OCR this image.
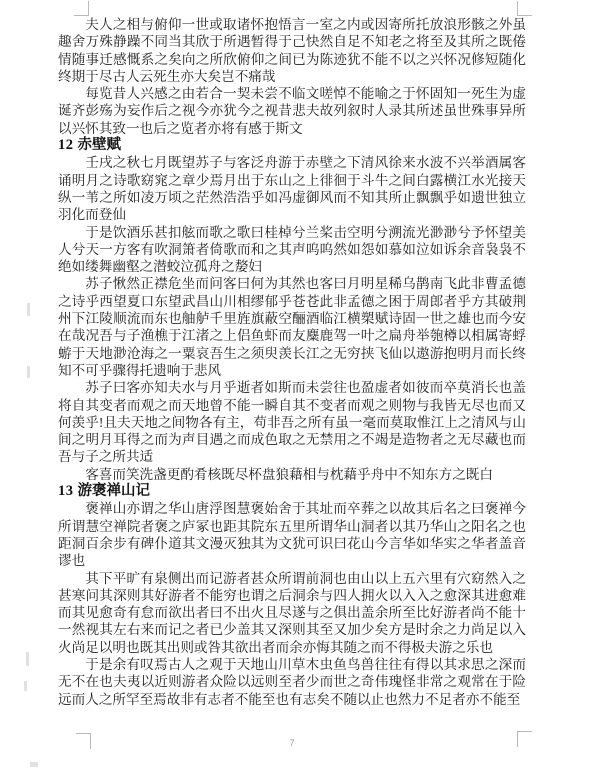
夫人之相与俯仰一世或取诸怀抱悟言一室之内或因寄所托放浪形骸之外虽趣舍万殊静躁不同当其欣于所遇暂得于己快然自足不知老之将至及其所之既倦情随事迁感慨系之矣向之所欣俯仰之间已为陈迹犹不能不以之兴怀况修短随化终期于尽古人云死生亦大矣岂不痛哉

每览昔人兴感之由若合一契未尝不临文嗟悼不能喻之于怀固知一死生为虚诞齐彭殇为妄作后之视今亦犹今之视昔悲夫故列叙时人录其所述虽世殊事异所以兴怀其致一也后之览者亦将有感于斯文

12 赤壁赋

壬戌之秋七月既望苏子与客泛舟游于赤壁之下清风徐来水波不兴举酒属客诵明月之诗歌窈窕之章少焉月出于东山之上徘徊于斗牛之间白露横江水光接天纵一苇之所如凌万顷之茫然浩浩乎如冯虚御风而不知其所止飘飘乎如遗世独立羽化而登仙

于是饮酒乐甚扣舷而歌之歌曰桂棹兮兰桨击空明兮溯流光渺渺兮予怀望美人兮天一方客有吹洞箫者倚歌而和之其声呜呜然如怨如慕如泣如诉余音袅袅不绝如缕舞幽壑之潜蛟泣孤舟之嫠妇

苏子愀然正襟危坐而问客曰何为其然也客曰月明星稀乌鹊南飞此非曹孟德之诗乎西望夏口东望武昌山川相缪郁乎苍苍此非孟德之困于周郎者乎方其破荆州下江陵顺流而东也舳舻千里旌旗蔽空酾酒临江横槊赋诗固一世之雄也而今安在哉况吾与子渔樵于江渚之上侣鱼虾而友麋鹿驾一叶之扁舟举匏樽以相属寄蜉蝣于天地渺沧海之一粟哀吾生之须臾羡长江之无穷挟飞仙以遨游抱明月而长终知不可乎骤得托遗响于悲风

苏子曰客亦知夫水与月乎逝者如斯而未尝往也盈虚者如彼而卒莫消长也盖将自其变者而观之而天地曾不能一瞬自其不变者而观之则物与我皆无尽也而又何羡乎!且夫天地之间物各有主，苟非吾之所有虽一毫而莫取惟江上之清风与山间之明月耳得之而为声目遇之而成色取之无禁用之不竭是造物者之无尽藏也而吾与子之所共适

客喜而笑洗盏更酌肴核既尽杯盘狼藉相与枕藉乎舟中不知东方之既白

13 游褒禅山记

褒禅山亦谓之华山唐浮图慧褒始舍于其址而卒葬之以故其后名之曰褒禅今所谓慧空禅院者褒之庐冢也距其院东五里所谓华山洞者以其乃华山之阳名之也距洞百余步有碑仆道其文漫灭独其为文犹可识曰花山今言华如华实之华者盖音谬也

其下平旷有泉侧出而记游者甚众所谓前洞也由山以上五六里有穴窈然入之甚寒问其深则其好游者不能穷也谓之后洞余与四人拥火以入入之愈深其进愈难而其见愈奇有怠而欲出者曰不出火且尽遂与之俱出盖余所至比好游者尚不能十一然视其左右来而记之者已少盖其又深则其至又加少矣方是时余之力尚足以入火尚足以明也既其出则或咎其欲出者而余亦悔其随之而不得极夫游之乐也

于是余有叹焉古人之观于天地山川草木虫鱼鸟兽往往有得以其求思之深而无不在也夫夷以近则游者众险以远则至者少而世之奇伟瑰怪非常之观常在于险远而人之所罕至焉故非有志者不能至也有志矣不随以止也然力不足者亦不能至

7
